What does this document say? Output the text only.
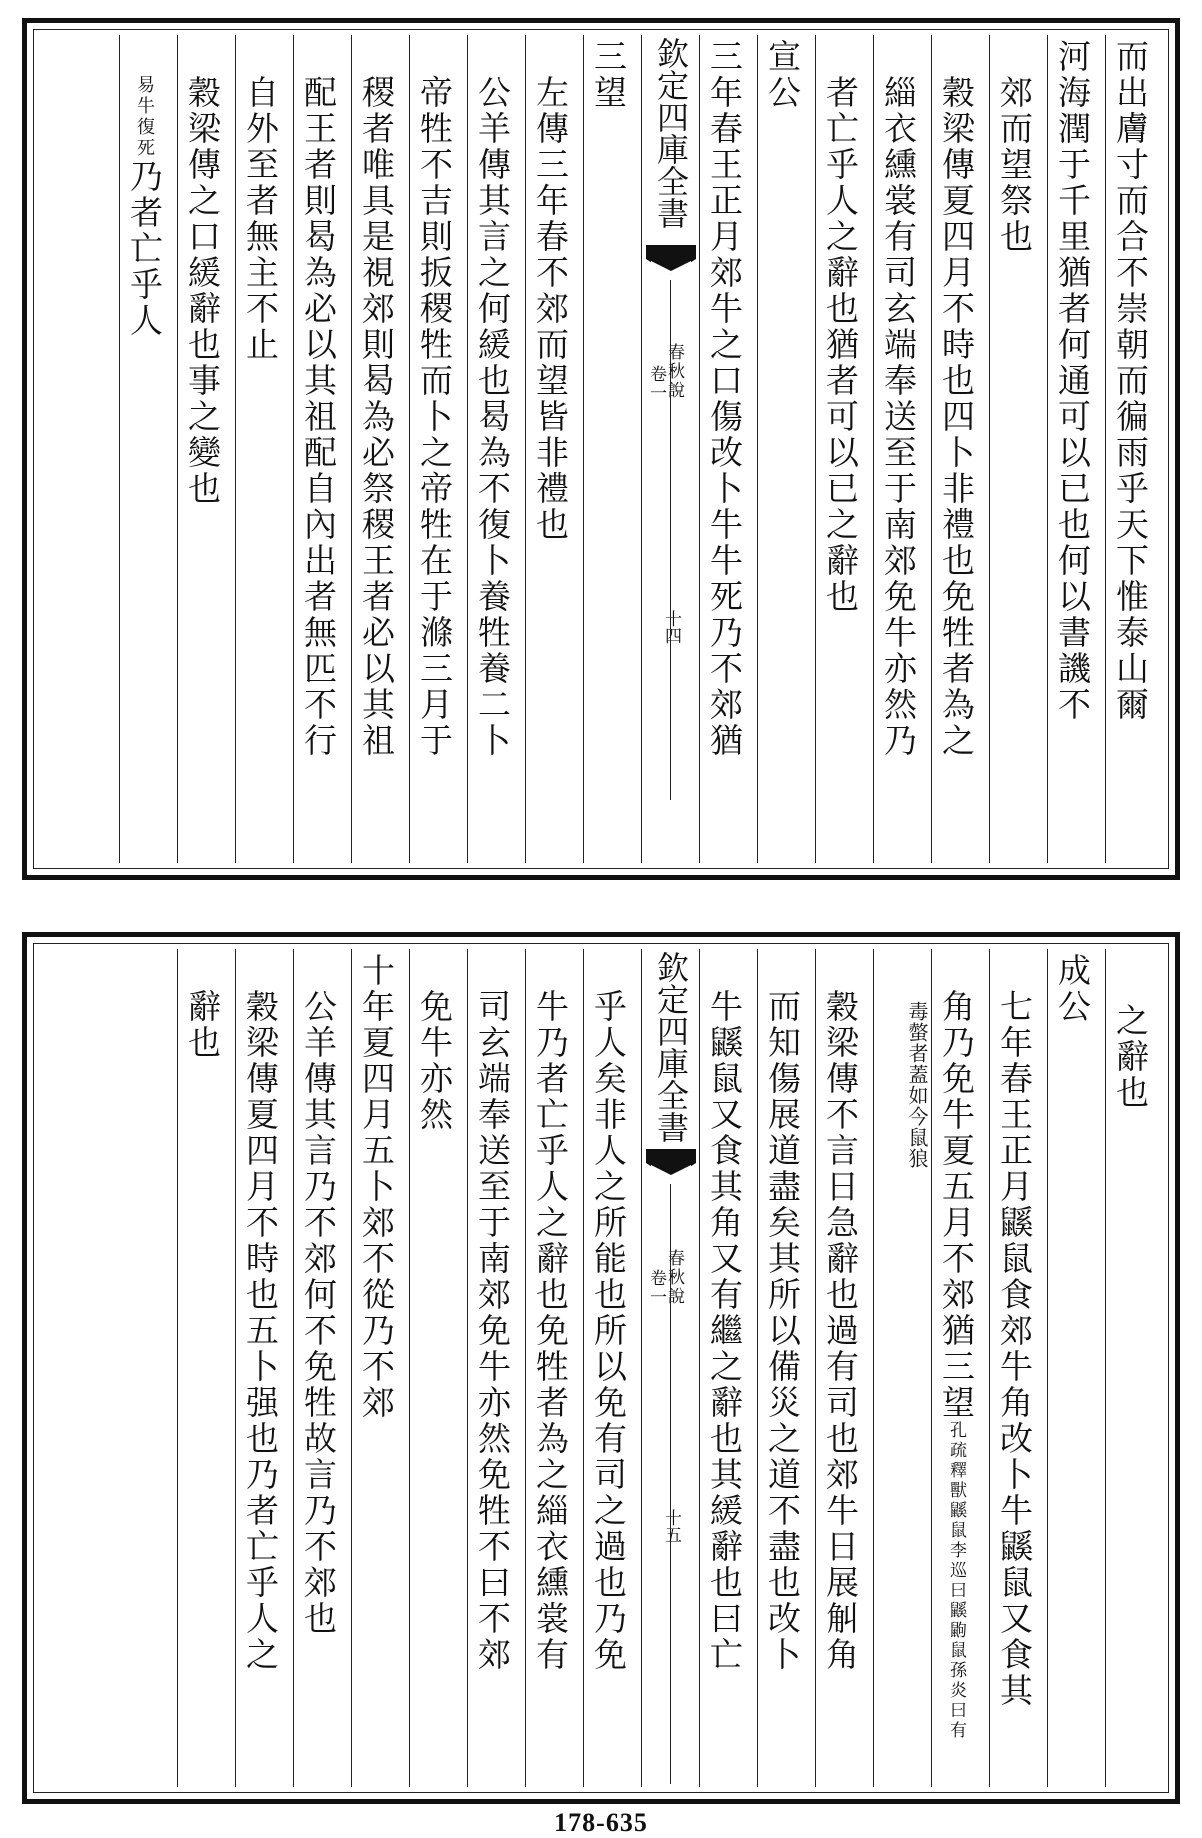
而出膚寸而合不崇朝而徧雨乎天下惟泰山爾
河海潤于千里猶者何通可以已也何以書譏不
郊而望祭也
穀梁傳夏四月不時也四卜非禮也免牲者為之
緇衣纁裳有司玄端奉送至于南郊免牛亦然乃
者亡乎人之辭也猶者可以已之辭也
宣公
三年春王正月郊牛之口傷改卜牛牛死乃不郊猶
欽定四庫全書
春秋說
卷一
十四
三望
左傳三年春不郊而望皆非禮也
公羊傳其言之何緩也曷為不復卜養牲養二卜
帝牲不吉則扳稷牲而卜之帝牲在于滌三月于
稷者唯具是視郊則曷為必祭稷王者必以其祖
配王者則曷為必以其祖配自內出者無匹不行
自外至者無主不止
穀梁傳之口緩辭也事之變也
易牛復死乃者亡乎人
之辭也
成公
七年春王正月鼷鼠食郊牛角改卜牛鼷鼠又食其
角乃免牛夏五月不郊猶三望孔疏釋獸鼷鼠李巡曰鼷鼩鼠孫炎曰有
毒螫者蓋如今鼠狼
穀梁傳不言日急辭也過有司也郊牛日展觓角
而知傷展道盡矣其所以備災之道不盡也改卜
牛鼷鼠又食其角又有繼之辭也其緩辭也曰亡
欽定四庫全書
春秋說
卷一
十五
乎人矣非人之所能也所以免有司之過也乃免
牛乃者亡乎人之辭也免牲者為之緇衣纁裳有
司玄端奉送至于南郊免牛亦然免牲不曰不郊
免牛亦然
十年夏四月五卜郊不從乃不郊
公羊傳其言乃不郊何不免牲故言乃不郊也
穀梁傳夏四月不時也五卜强也乃者亡乎人之
辭也
178-635
